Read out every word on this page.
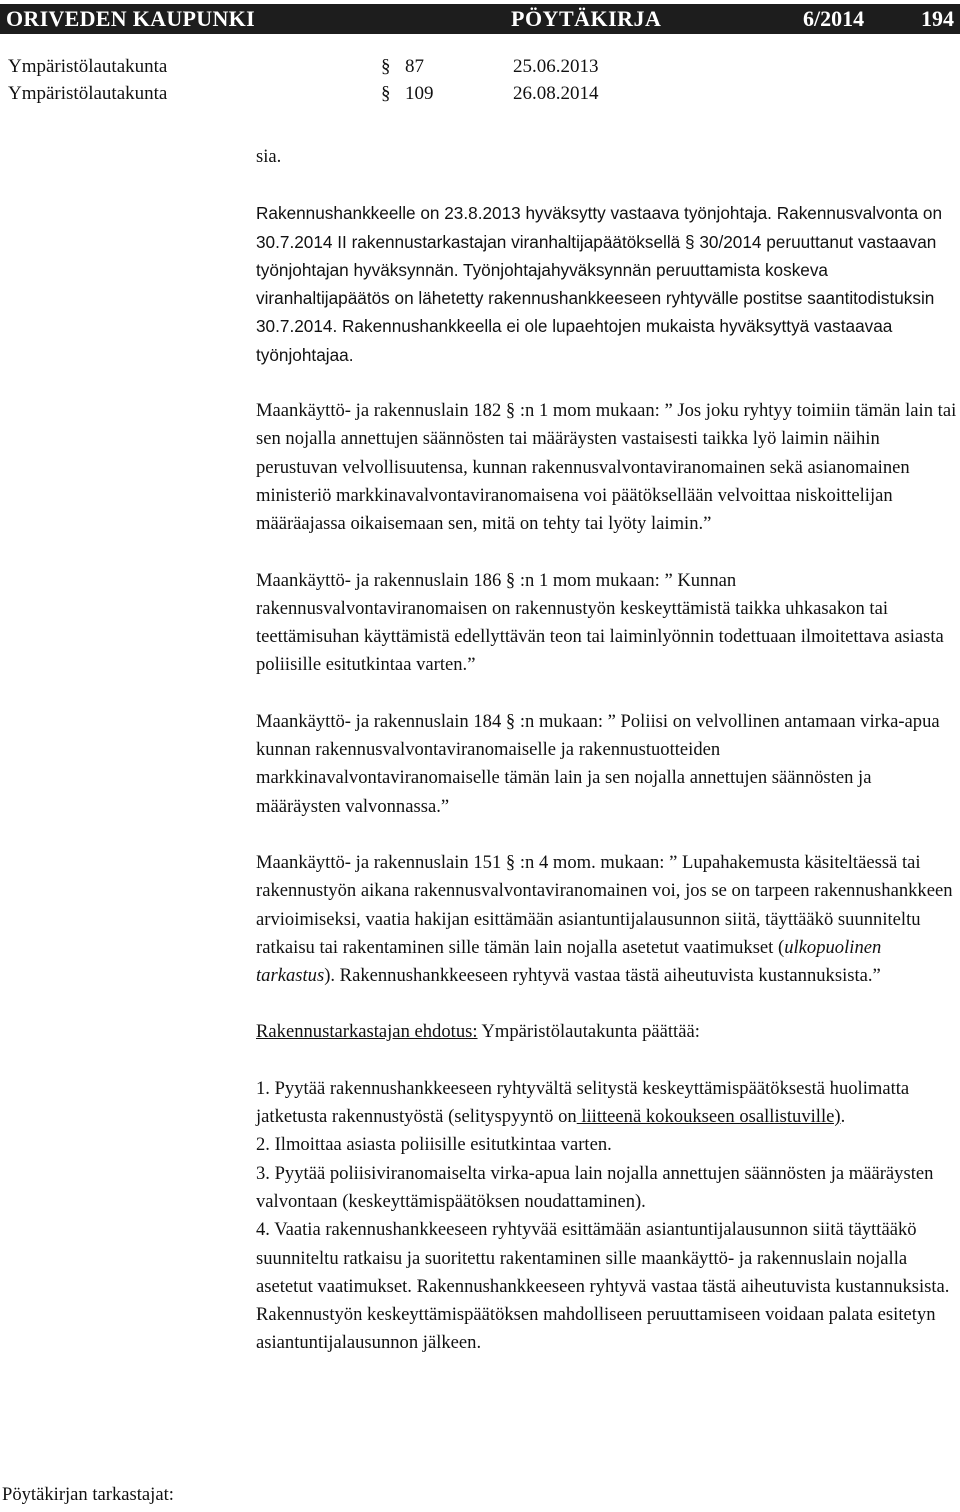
ORIVEDEN KAUPUNKI	PÖYTÄKIRJA	6/2014	194
Ympäristölautakunta	§ 87	25.06.2013
Ympäristölautakunta	§ 109	26.08.2014

sia.

Rakennushankkeelle on 23.8.2013 hyväksytty vastaava työnjohtaja. Rakennusvalvonta on 30.7.2014 II rakennustarkastajan viranhaltijapäätöksellä § 30/2014 peruuttanut vastaavan työnjohtajan hyväksynnän. Työnjohtajahyväksynnän peruuttamista koskeva viranhaltijapäätös on lähetetty rakennushankkeeseen ryhtyvälle postitse saantitodistuksin 30.7.2014. Rakennushankkeella ei ole lupaehtojen mukaista hyväksyttyä vastaavaa työnjohtajaa.

Maankäyttö- ja rakennuslain 182 § :n 1 mom mukaan: ” Jos joku ryhtyy toimiin tämän lain tai sen nojalla annettujen säännösten tai määräysten vastaisesti taikka lyö laimin näihin perustuvan velvollisuutensa, kunnan rakennusvalvontaviranomainen sekä asianomainen ministeriö markkinavalvontaviranomaisena voi päätöksellään velvoittaa niskoittelijan määräajassa oikaisemaan sen, mitä on tehty tai lyöty laimin.”

Maankäyttö- ja rakennuslain 186 § :n 1 mom mukaan: ” Kunnan rakennusvalvontaviranomaisen on rakennustyön keskeyttämistä taikka uhkasakon tai teettämisuhan käyttämistä edellyttävän teon tai laiminlyönnin todettuaan ilmoitettava asiasta poliisille esitutkintaa varten.”

Maankäyttö- ja rakennuslain 184 § :n mukaan: ” Poliisi on velvollinen antamaan virka-apua kunnan rakennusvalvontaviranomaiselle ja rakennustuotteiden markkinavalvontaviranomaiselle tämän lain ja sen nojalla annettujen säännösten ja määräysten valvonnassa.”

Maankäyttö- ja rakennuslain 151 § :n 4 mom. mukaan: ” Lupahakemusta käsiteltäessä tai rakennustyön aikana rakennusvalvontaviranomainen voi, jos se on tarpeen rakennushankkeen arvioimiseksi, vaatia hakijan esittämään asiantuntijalausunnon siitä, täyttääkö suunniteltu ratkaisu tai rakentaminen sille tämän lain nojalla asetetut vaatimukset (ulkopuolinen tarkastus). Rakennushankkeeseen ryhtyvä vastaa tästä aiheutuvista kustannuksista.”

Rakennustarkastajan ehdotus: Ympäristölautakunta päättää:

1. Pyytää rakennushankkeeseen ryhtyvältä selitystä keskeyttämispäätöksestä huolimatta jatketusta rakennustyöstä (selityspyyntö on liitteenä kokoukseen osallistuville).

2. Ilmoittaa asiasta poliisille esitutkintaa varten.

3. Pyytää poliisiviranomaiselta virka-apua lain nojalla annettujen säännösten ja määräysten valvontaan (keskeyttämispäätöksen noudattaminen).

4. Vaatia rakennushankkeeseen ryhtyvää esittämään asiantuntijalausunnon siitä täyttääkö suunniteltu ratkaisu ja suoritettu rakentaminen sille maankäyttö- ja rakennuslain nojalla asetetut vaatimukset. Rakennushankkeeseen ryhtyvä vastaa tästä aiheutuvista kustannuksista. Rakennustyön keskeyttämispäätöksen mahdolliseen peruuttamiseen voidaan palata esitetyn asiantuntijalausunnon jälkeen.

Pöytäkirjan tarkastajat:
